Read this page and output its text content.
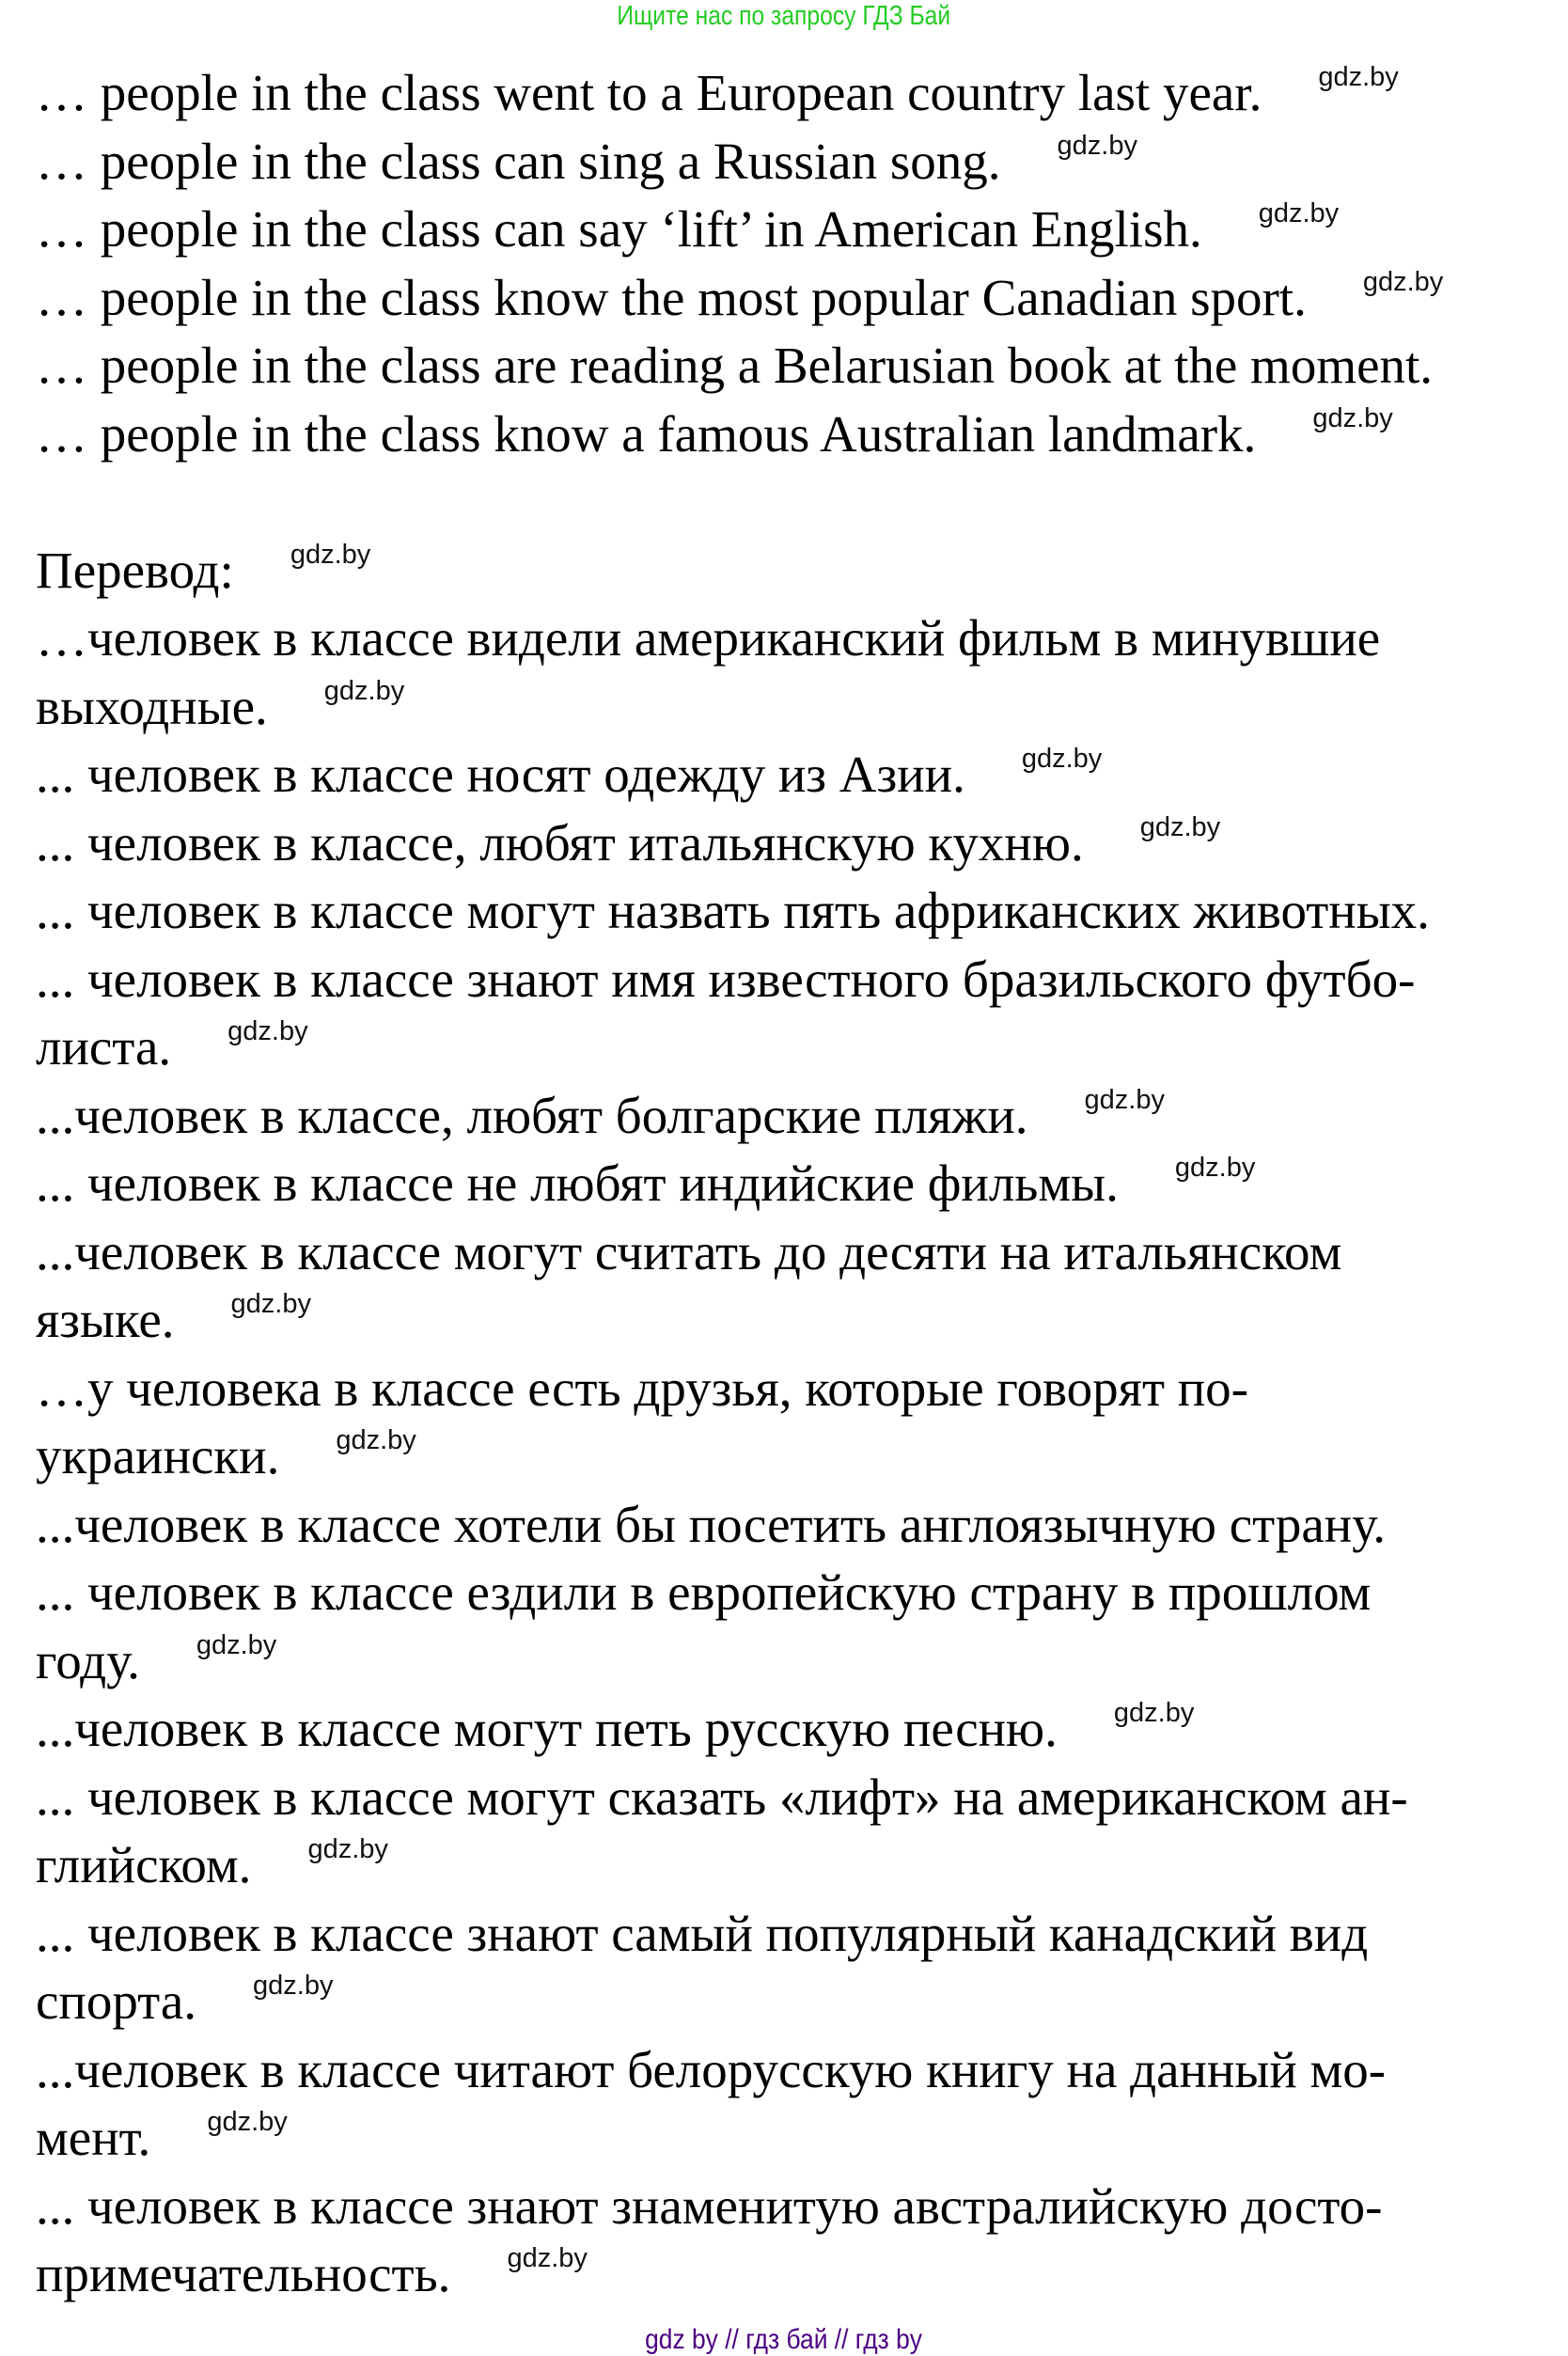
Ищите нас по запросу ГДЗ Бай
… people in the class went to a European country last year. gdz.by
… people in the class can sing a Russian song. gdz.by
… people in the class can say ‘lift’ in American English. gdz.by
… people in the class know the most popular Canadian sport. gdz.by
… people in the class are reading a Belarusian book at the moment.
… people in the class know a famous Australian landmark. gdz.by
Перевод: gdz.by
…человек в классе видели американский фильм в минувшие
выходные. gdz.by
... человек в классе носят одежду из Азии. gdz.by
... человек в классе, любят итальянскую кухню. gdz.by
... человек в классе могут назвать пять африканских животных.
... человек в классе знают имя известного бразильского футбо-
листа. gdz.by
...человек в классе, любят болгарские пляжи. gdz.by
... человек в классе не любят индийские фильмы. gdz.by
...человек в классе могут считать до десяти на итальянском
языке. gdz.by
…у человека в классе есть друзья, которые говорят по-
украински. gdz.by
...человек в классе хотели бы посетить англоязычную страну.
... человек в классе ездили в европейскую страну в прошлом
году. gdz.by
...человек в классе могут петь русскую песню. gdz.by
... человек в классе могут сказать «лифт» на американском ан-
глийском. gdz.by
... человек в классе знают самый популярный канадский вид
спорта. gdz.by
...человек в классе читают белорусскую книгу на данный мо-
мент. gdz.by
... человек в классе знают знаменитую австралийскую досто-
примечательность. gdz.by
gdz by // гдз бай // гдз by
